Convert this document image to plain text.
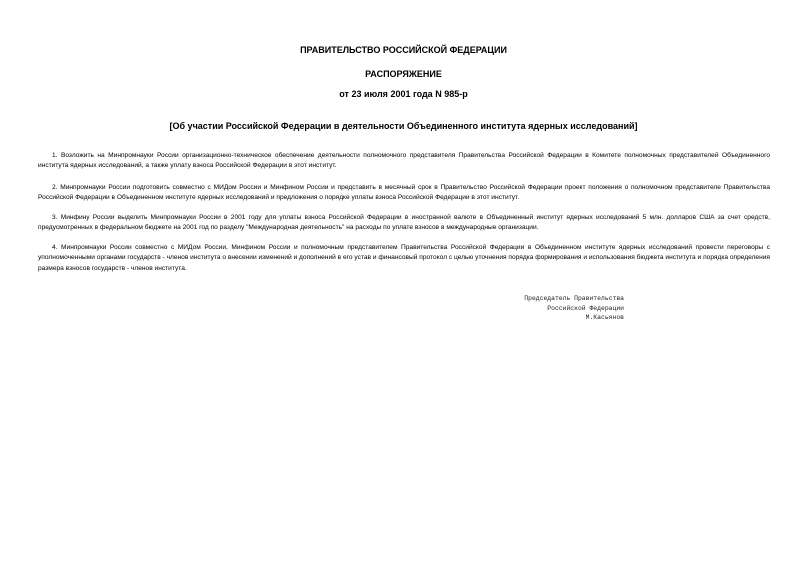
ПРАВИТЕЛЬСТВО РОССИЙСКОЙ ФЕДЕРАЦИИ
РАСПОРЯЖЕНИЕ
от 23 июля 2001 года N 985-р
[Об участии Российской Федерации в деятельности Объединенного института ядерных исследований]

1. Возложить на Минпромнауки России организационно-техническое обеспечение деятельности полномочного представителя Правительства Российской Федерации в Комитете полномочных представителей Объединенного института ядерных исследований, а также уплату взноса Российской Федерации в этот институт.

2. Минпромнауки России подготовить совместно с МИДом России и Минфином России и представить в месячный срок в Правительство Российской Федерации проект положения о полномочном представителе Правительства Российской Федерации в Объединенном институте ядерных исследований и предложения о порядке уплаты взноса Российской Федерации в этот институт.

3. Минфину России выделить Минпромнауки России в 2001 году для уплаты взноса Российской Федерации в иностранной валюте в Объединенный институт ядерных исследований 5 млн. долларов США за счет средств, предусмотренных в федеральном бюджете на 2001 год по разделу "Международная деятельность" на расходы по уплате взносов в международные организации.

4. Минпромнауки России совместно с МИДом России, Минфином России и полномочным представителем Правительства Российской Федерации в Объединенном институте ядерных исследований провести переговоры с уполномоченными органами государств - членов института о внесении изменений и дополнений в его устав и финансовый протокол с целью уточнения порядка формирования и использования бюджета института и порядка определения размера взносов государств - членов института.

Председатель Правительства
Российской Федерации
М.Касьянов
